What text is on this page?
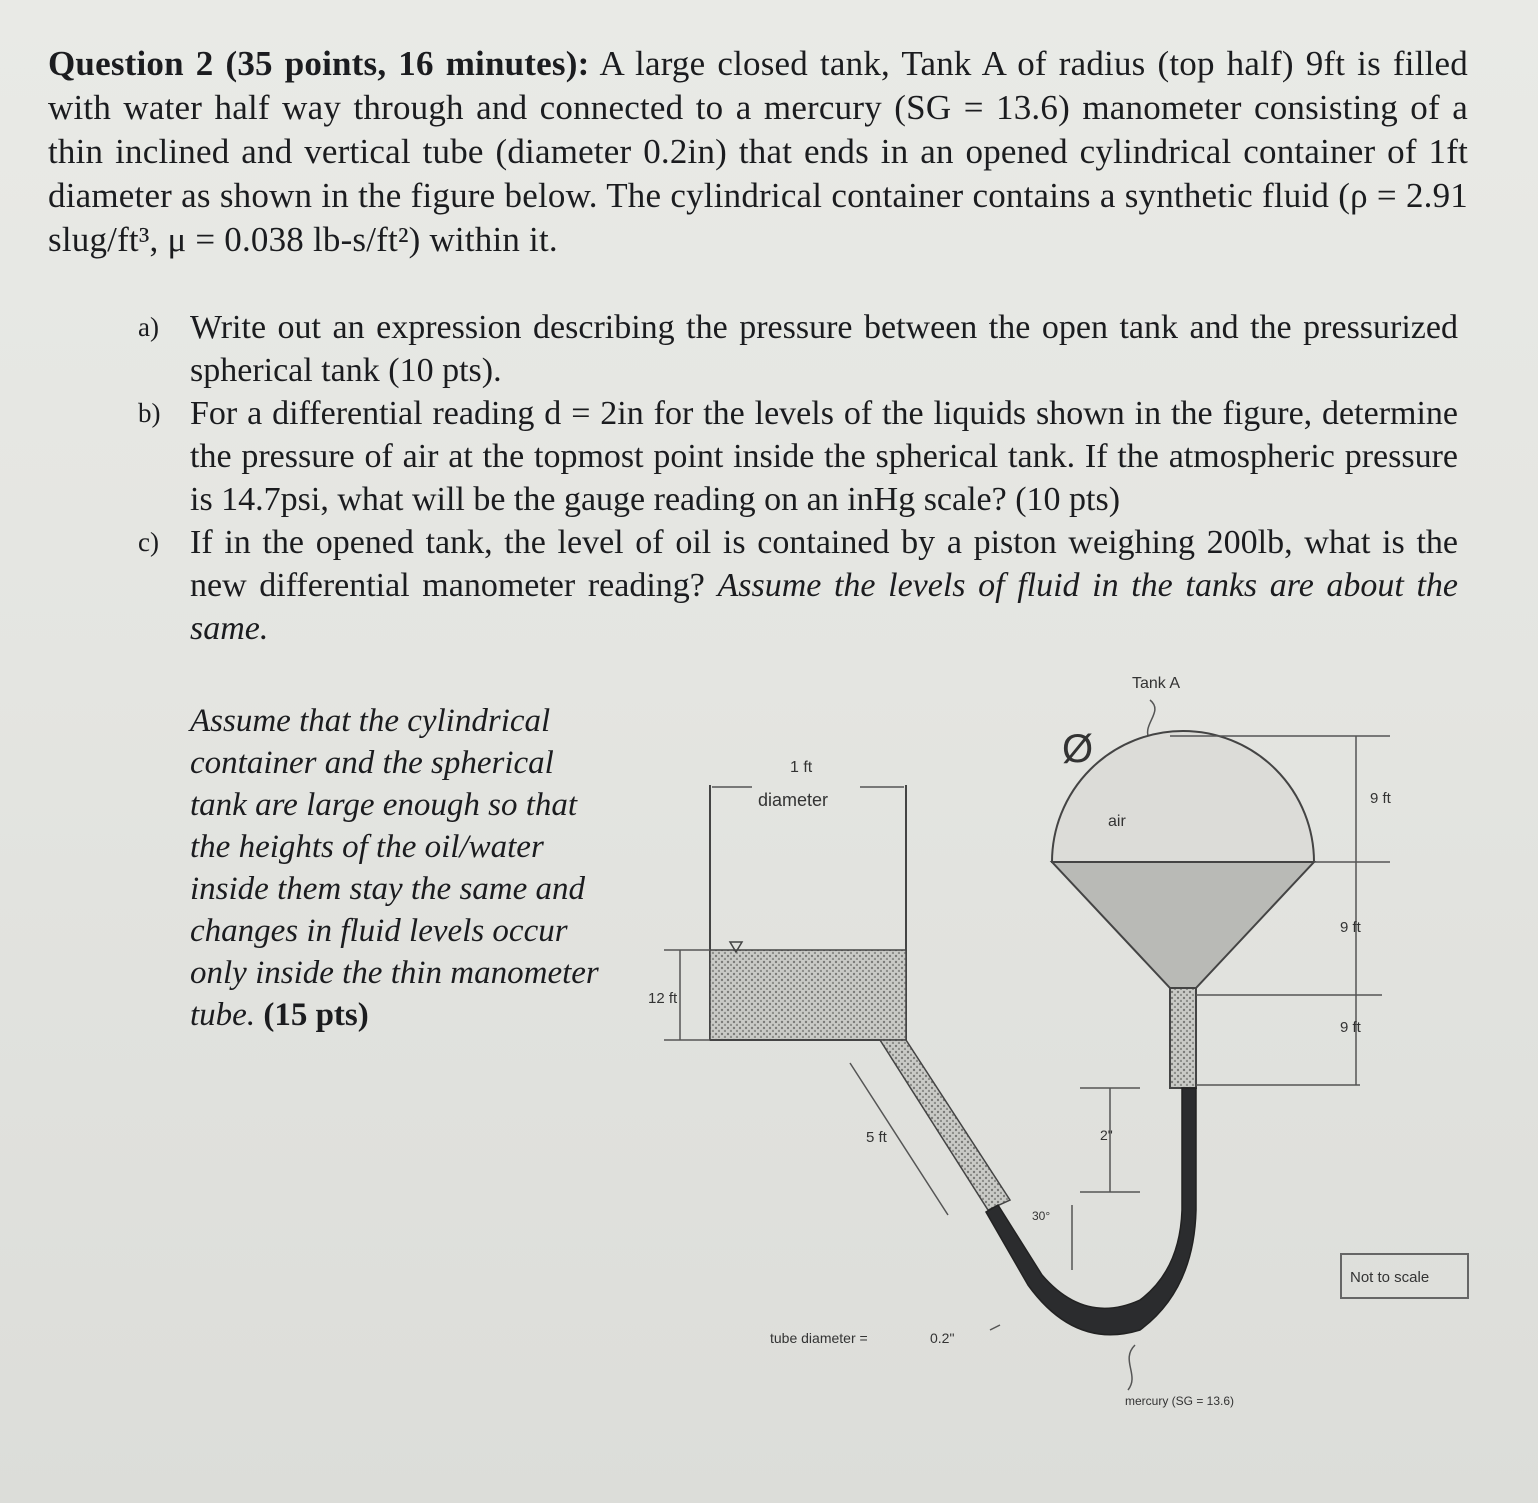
Question 2 (35 points, 16 minutes): A large closed tank, Tank A of radius (top half) 9ft is filled with water half way through and connected to a mercury (SG = 13.6) manometer consisting of a thin inclined and vertical tube (diameter 0.2in) that ends in an opened cylindrical container of 1ft diameter as shown in the figure below. The cylindrical container contains a synthetic fluid (ρ = 2.91 slug/ft³, μ = 0.038 lb-s/ft²) within it.
a) Write out an expression describing the pressure between the open tank and the pressurized spherical tank (10 pts).
b) For a differential reading d = 2in for the levels of the liquids shown in the figure, determine the pressure of air at the topmost point inside the spherical tank. If the atmospheric pressure is 14.7psi, what will be the gauge reading on an inHg scale? (10 pts)
c) If in the opened tank, the level of oil is contained by a piston weighing 200lb, what is the new differential manometer reading? Assume the levels of fluid in the tanks are about the same.
Assume that the cylindrical container and the spherical tank are large enough so that the heights of the oil/water inside them stay the same and changes in fluid levels occur only inside the thin manometer tube. (15 pts)
Tank A
Ø
air
9 ft
9 ft
9 ft
1 ft
diameter
12 ft
5 ft	2"
30°
tube diameter =	0.2"
mercury (SG = 13.6)
Not to scale
